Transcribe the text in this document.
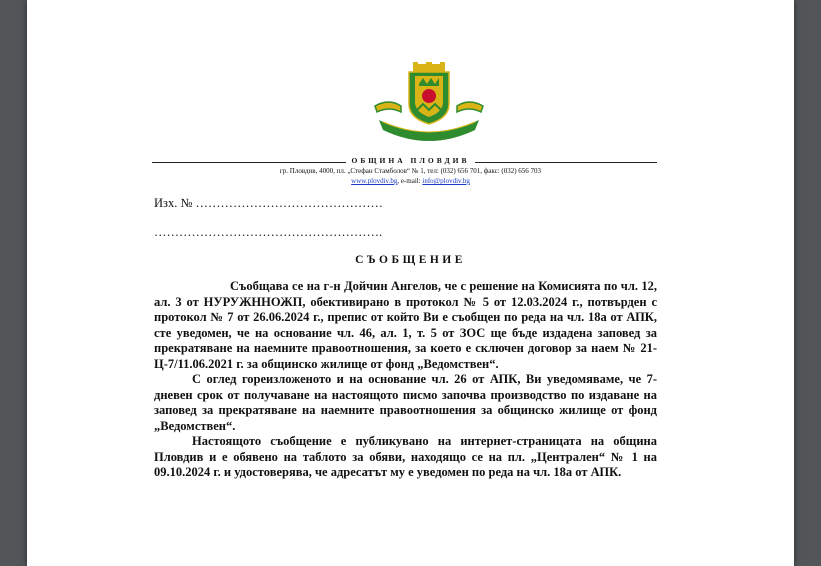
ОБЩИНА ПЛОВДИВ
гр. Пловдив, 4000, пл. „Стефан Стамболов“ № 1, тел: (032) 656 701, факс: (032) 656 703
www.plovdiv.bg, e-mail: info@plovdiv.bg
Изх. № ………………………………………
……………………………………………….
СЪОБЩЕНИЕ

Съобщава се на г-н Дойчин Ангелов, че с решение на Комисията по чл. 12, ал. 3 от НУРУЖННОЖП, обективирано в протокол № 5 от 12.03.2024 г., потвърден с протокол № 7 от 26.06.2024 г., препис от който Ви е съобщен по реда на чл. 18а от АПК, сте уведомен, че на основание чл. 46, ал. 1, т. 5 от ЗОС ще бъде издадена заповед за прекратяване на наемните правоотношения, за което е сключен договор за наем № 21-Ц-7/11.06.2021 г. за общинско жилище от фонд „Ведомствен“.

С оглед гореизложеното и на основание чл. 26 от АПК, Ви уведомяваме, че 7-дневен срок от получаване на настоящото писмо започва производство по издаване на заповед за прекратяване на наемните правоотношения за общинско жилище от фонд „Ведомствен“.

Настоящото съобщение е публикувано на интернет-страницата на община Пловдив и е обявено на таблото за обяви, находящо се на пл. „Централен“ № 1 на 09.10.2024 г. и удостоверява, че адресатът му е уведомен по реда на чл. 18а от АПК.
